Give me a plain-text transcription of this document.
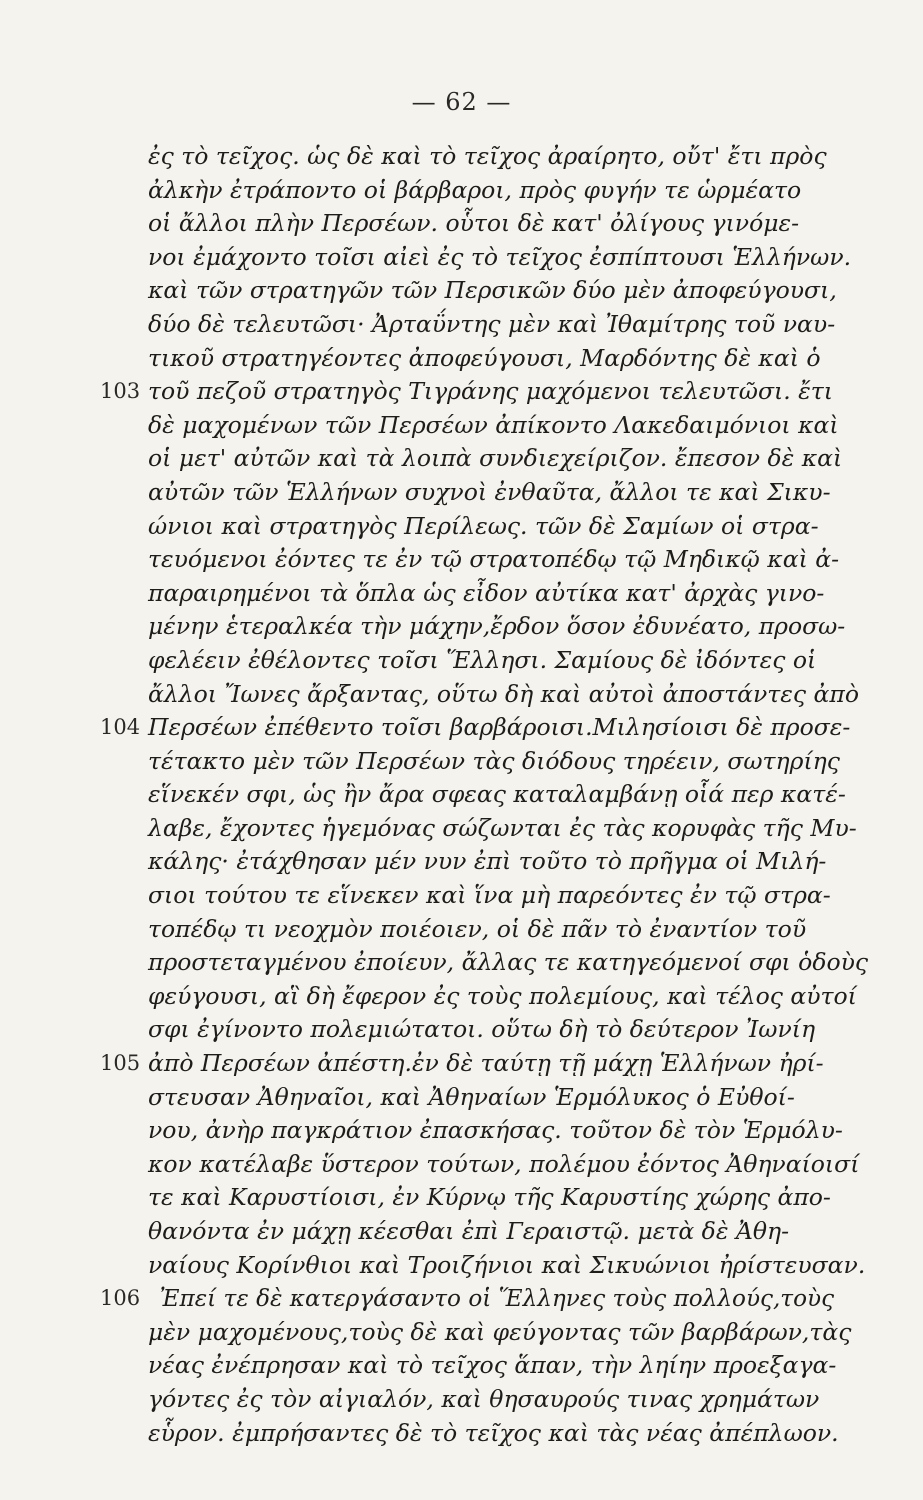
— 62 —
ἐς τὸ τεῖχος. ὡς δὲ καὶ τὸ τεῖχος ἀραίρητο, οὔτ' ἔτι πρὸς
ἀλκὴν ἐτράποντο οἱ βάρβαροι, πρὸς φυγήν τε ὡρμέατο
οἱ ἄλλοι πλὴν Περσέων. οὗτοι δὲ κατ' ὀλίγους γινόμε-
νοι ἐμάχοντο τοῖσι αἰεὶ ἐς τὸ τεῖχος ἐσπίπτουσι Ἑλλήνων.
καὶ τῶν στρατηγῶν τῶν Περσικῶν δύο μὲν ἀποφεύγουσι,
δύο δὲ τελευτῶσι· Ἀρταΰντης μὲν καὶ Ἰθαμίτρης τοῦ ναυ-
τικοῦ στρατηγέοντες ἀποφεύγουσι, Μαρδόντης δὲ καὶ ὁ
103 τοῦ πεζοῦ στρατηγὸς Τιγράνης μαχόμενοι τελευτῶσι. ἔτι
δὲ μαχομένων τῶν Περσέων ἀπίκοντο Λακεδαιμόνιοι καὶ
οἱ μετ' αὐτῶν καὶ τὰ λοιπὰ συνδιεχείριζον. ἔπεσον δὲ καὶ
αὐτῶν τῶν Ἑλλήνων συχνοὶ ἐνθαῦτα, ἄλλοι τε καὶ Σικυ-
ώνιοι καὶ στρατηγὸς Περίλεως. τῶν δὲ Σαμίων οἱ στρα-
τευόμενοι ἐόντες τε ἐν τῷ στρατοπέδῳ τῷ Μηδικῷ καὶ ἀ-
παραιρημένοι τὰ ὅπλα ὡς εἶδον αὐτίκα κατ' ἀρχὰς γινο-
μένην ἑτεραλκέα τὴν μάχην,ἔρδον ὅσον ἐδυνέατο, προσω-
φελέειν ἐθέλοντες τοῖσι Ἕλλησι. Σαμίους δὲ ἰδόντες οἱ
ἄλλοι Ἴωνες ἄρξαντας, οὕτω δὴ καὶ αὐτοὶ ἀποστάντες ἀπὸ
104 Περσέων ἐπέθεντο τοῖσι βαρβάροισι.Μιλησίοισι δὲ προσε-
τέτακτο μὲν τῶν Περσέων τὰς διόδους τηρέειν, σωτηρίης
εἵνεκέν σφι, ὡς ἢν ἄρα σφεας καταλαμβάνῃ οἷά περ κατέ-
λαβε, ἔχοντες ἡγεμόνας σώζωνται ἐς τὰς κορυφὰς τῆς Μυ-
κάλης· ἐτάχθησαν μέν νυν ἐπὶ τοῦτο τὸ πρῆγμα οἱ Μιλή-
σιοι τούτου τε εἵνεκεν καὶ ἵνα μὴ παρεόντες ἐν τῷ στρα-
τοπέδῳ τι νεοχμὸν ποιέοιεν, οἱ δὲ πᾶν τὸ ἐναντίον τοῦ
προστεταγμένου ἐποίευν, ἄλλας τε κατηγεόμενοί σφι ὁδοὺς
φεύγουσι, αἳ δὴ ἔφερον ἐς τοὺς πολεμίους, καὶ τέλος αὐτοί
σφι ἐγίνοντο πολεμιώτατοι. οὕτω δὴ τὸ δεύτερον Ἰωνίη
105 ἀπὸ Περσέων ἀπέστη.ἐν δὲ ταύτῃ τῇ μάχῃ Ἑλλήνων ἠρί-
στευσαν Ἀθηναῖοι, καὶ Ἀθηναίων Ἑρμόλυκος ὁ Εὐθοί-
νου, ἀνὴρ παγκράτιον ἐπασκήσας. τοῦτον δὲ τὸν Ἑρμόλυ-
κον κατέλαβε ὕστερον τούτων, πολέμου ἐόντος Ἀθηναίοισί
τε καὶ Καρυστίοισι, ἐν Κύρνῳ τῆς Καρυστίης χώρης ἀπο-
θανόντα ἐν μάχῃ κέεσθαι ἐπὶ Γεραιστῷ. μετὰ δὲ Ἀθη-
ναίους Κορίνθιοι καὶ Τροιζήνιοι καὶ Σικυώνιοι ἠρίστευσαν.
106 Ἐπεί τε δὲ κατεργάσαντο οἱ Ἕλληνες τοὺς πολλούς,τοὺς
μὲν μαχομένους,τοὺς δὲ καὶ φεύγοντας τῶν βαρβάρων,τὰς
νέας ἐνέπρησαν καὶ τὸ τεῖχος ἅπαν, τὴν ληίην προεξαγα-
γόντες ἐς τὸν αἰγιαλόν, καὶ θησαυρούς τινας χρημάτων
εὗρον. ἐμπρήσαντες δὲ τὸ τεῖχος καὶ τὰς νέας ἀπέπλωον.
